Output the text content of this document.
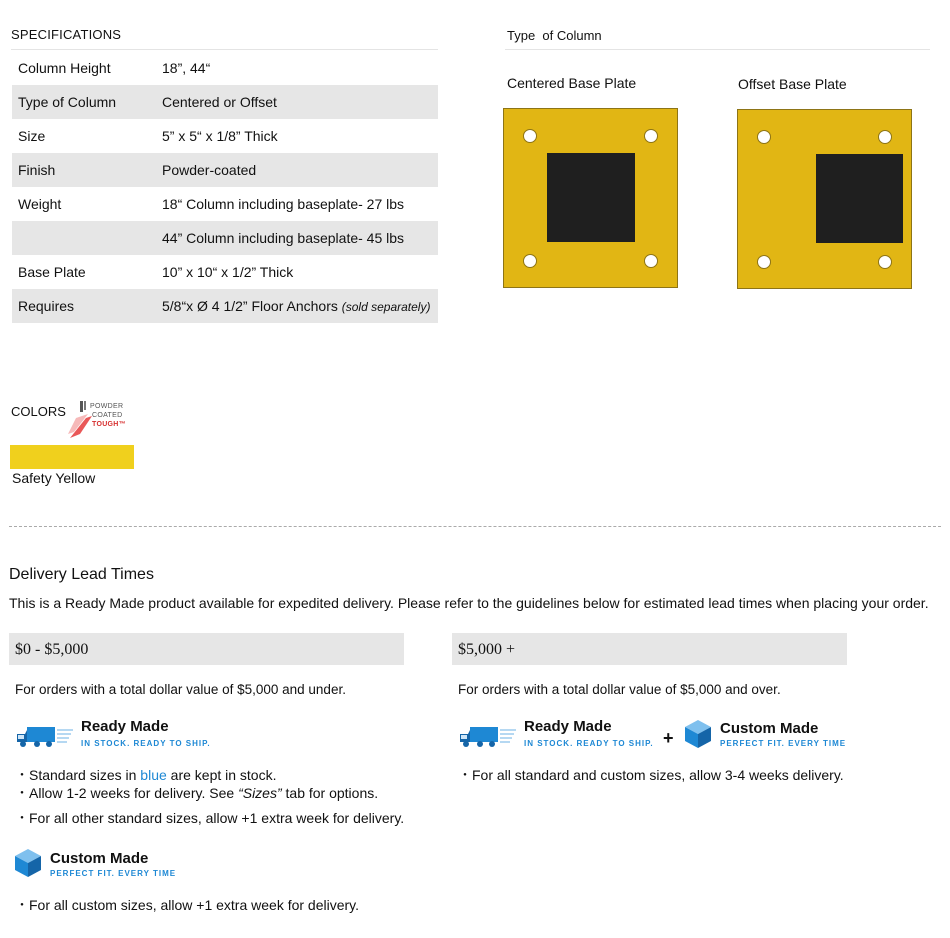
SPECIFICATIONS
Column Height	18”, 44“
Type of Column	Centered or Offset
Size	5” x 5“ x 1/8” Thick
Finish	Powder-coated
Weight	18“ Column including baseplate- 27 lbs
	44” Column including baseplate- 45 lbs
Base Plate	10” x 10“ x 1/2” Thick
Requires	5/8“x Ø 4 1/2” Floor Anchors (sold separately)
Type  of Column
Centered Base Plate	Offset Base Plate
COLORS	POWDER
COATED
TOUGH™
Safety Yellow
Delivery Lead Times
This is a Ready Made product available for expedited delivery. Please refer to the guidelines below for estimated lead times when placing your order.
$0 - $5,000
For orders with a total dollar value of $5,000 and under.
Ready Made
IN STOCK. READY TO SHIP.
・Standard sizes in blue are kept in stock.
・Allow 1-2 weeks for delivery. See “Sizes” tab for options.
・For all other standard sizes, allow +1 extra week for delivery.
Custom Made
PERFECT FIT. EVERY TIME
・For all custom sizes, allow +1 extra week for delivery.
$5,000 +
For orders with a total dollar value of $5,000 and over.
Ready Made
IN STOCK. READY TO SHIP. +	Custom Made
PERFECT FIT. EVERY TIME
・For all standard and custom sizes, allow 3-4 weeks delivery.
